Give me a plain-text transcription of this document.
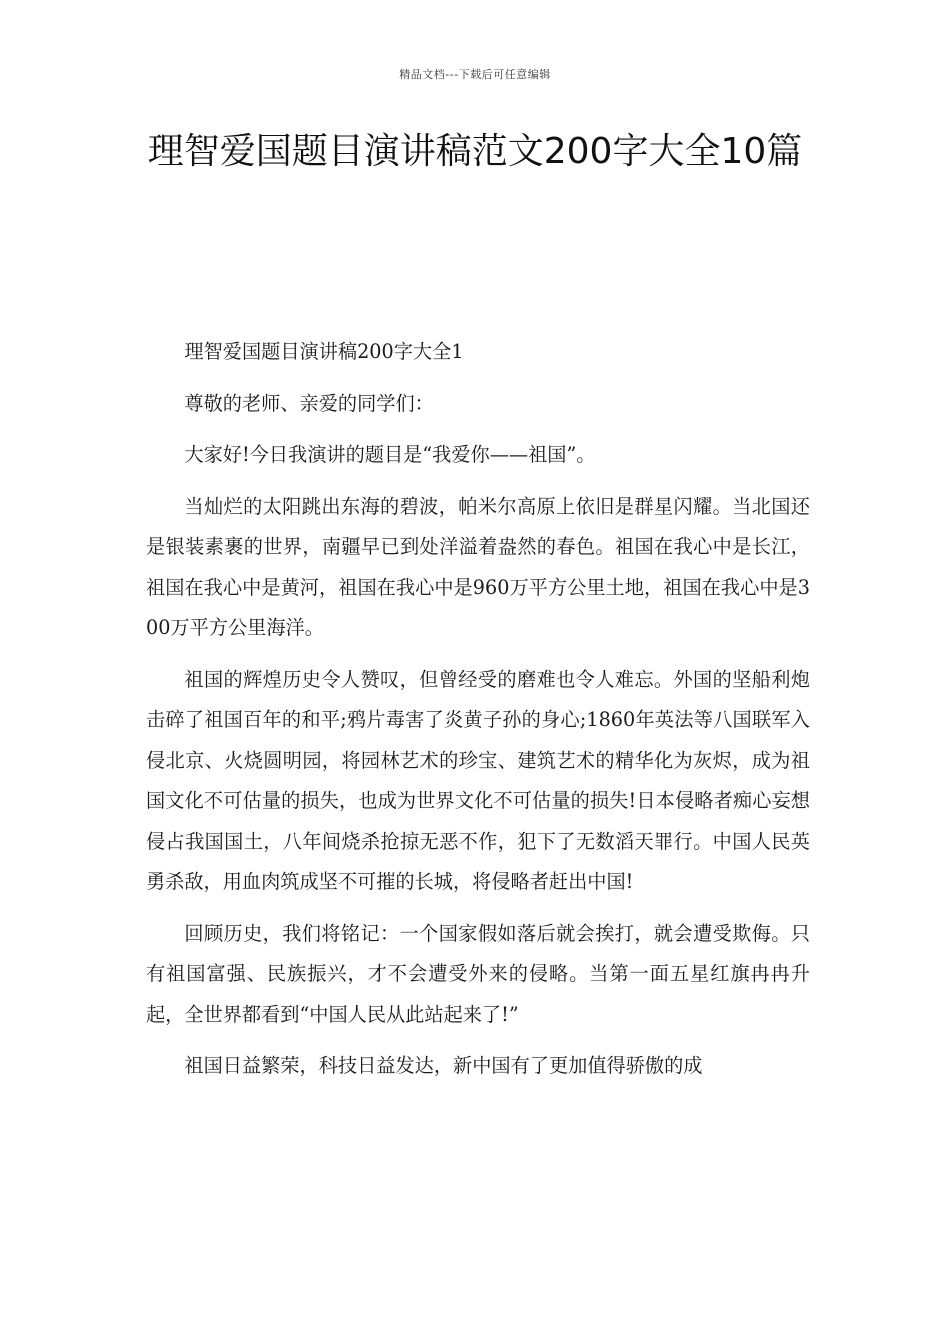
精品文档---下载后可任意编辑
理智爱国题目演讲稿范文200字大全10篇

理智爱国题目演讲稿200字大全1

尊敬的老师、亲爱的同学们：

大家好!今日我演讲的题目是“我爱你——祖国”。

当灿烂的太阳跳出东海的碧波，帕米尔高原上依旧是群星闪耀。当北国还是银装素裹的世界，南疆早已到处洋溢着盎然的春色。祖国在我心中是长江，祖国在我心中是黄河，祖国在我心中是960万平方公里土地，祖国在我心中是300万平方公里海洋。

祖国的辉煌历史令人赞叹，但曾经受的磨难也令人难忘。外国的坚船利炮击碎了祖国百年的和平;鸦片毒害了炎黄子孙的身心;1860年英法等八国联军入侵北京、火烧圆明园，将园林艺术的珍宝、建筑艺术的精华化为灰烬，成为祖国文化不可估量的损失，也成为世界文化不可估量的损失!日本侵略者痴心妄想侵占我国国土，八年间烧杀抢掠无恶不作，犯下了无数滔天罪行。中国人民英勇杀敌，用血肉筑成坚不可摧的长城，将侵略者赶出中国!

回顾历史，我们将铭记：一个国家假如落后就会挨打，就会遭受欺侮。只有祖国富强、民族振兴，才不会遭受外来的侵略。当第一面五星红旗冉冉升起，全世界都看到“中国人民从此站起来了!”

祖国日益繁荣，科技日益发达，新中国有了更加值得骄傲的成
